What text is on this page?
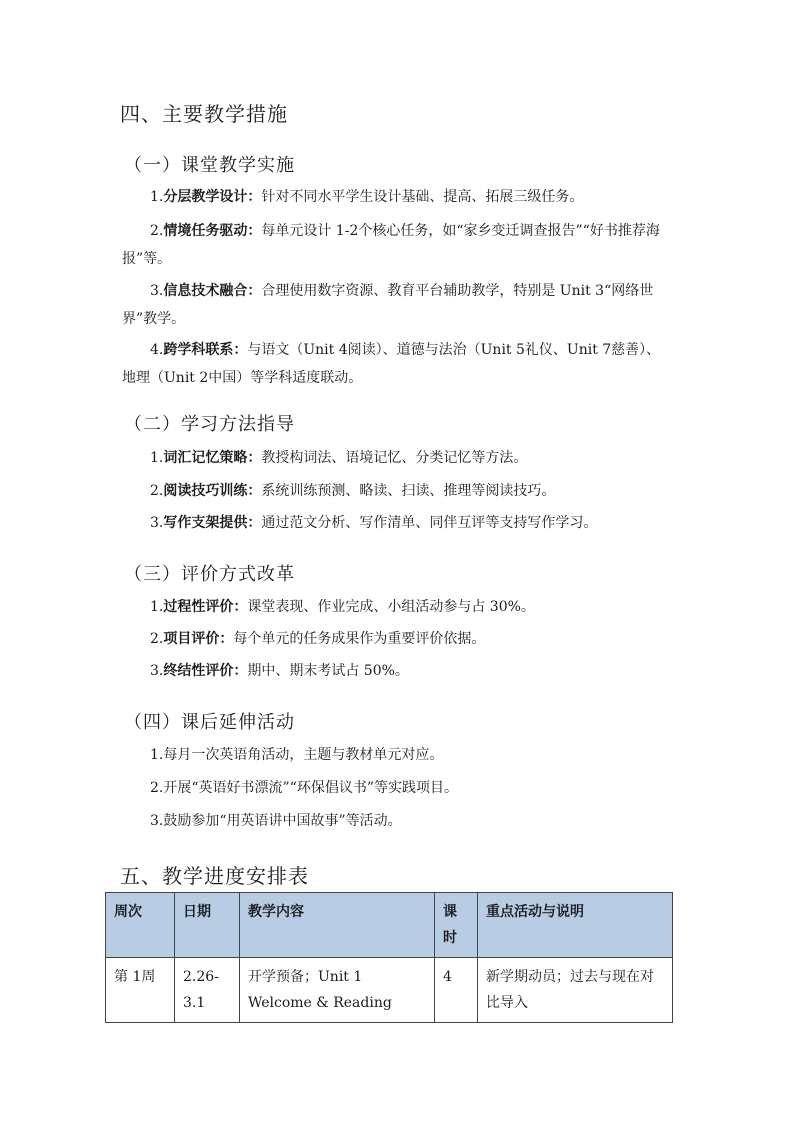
四、主要教学措施
（一）课堂教学实施

1.分层教学设计：针对不同水平学生设计基础、提高、拓展三级任务。

2.情境任务驱动：每单元设计 1-2个核心任务，如“家乡变迁调查报告”“好书推荐海报”等。

3.信息技术融合：合理使用数字资源、教育平台辅助教学，特别是 Unit 3“网络世界”教学。

4.跨学科联系：与语文（Unit 4阅读）、道德与法治（Unit 5礼仪、Unit 7慈善）、地理（Unit 2中国）等学科适度联动。

（二）学习方法指导

1.词汇记忆策略：教授构词法、语境记忆、分类记忆等方法。

2.阅读技巧训练：系统训练预测、略读、扫读、推理等阅读技巧。

3.写作支架提供：通过范文分析、写作清单、同伴互评等支持写作学习。

（三）评价方式改革

1.过程性评价：课堂表现、作业完成、小组活动参与占 30%。

2.项目评价：每个单元的任务成果作为重要评价依据。

3.终结性评价：期中、期末考试占 50%。

（四）课后延伸活动

1.每月一次英语角活动，主题与教材单元对应。

2.开展“英语好书漂流”“环保倡议书”等实践项目。

3.鼓励参加“用英语讲中国故事”等活动。

五、教学进度安排表
周次	日期	教学内容	课时	重点活动与说明
第 1周	2.26-3.1	开学预备；Unit 1 Welcome & Reading	4	新学期动员；过去与现在对比导入
